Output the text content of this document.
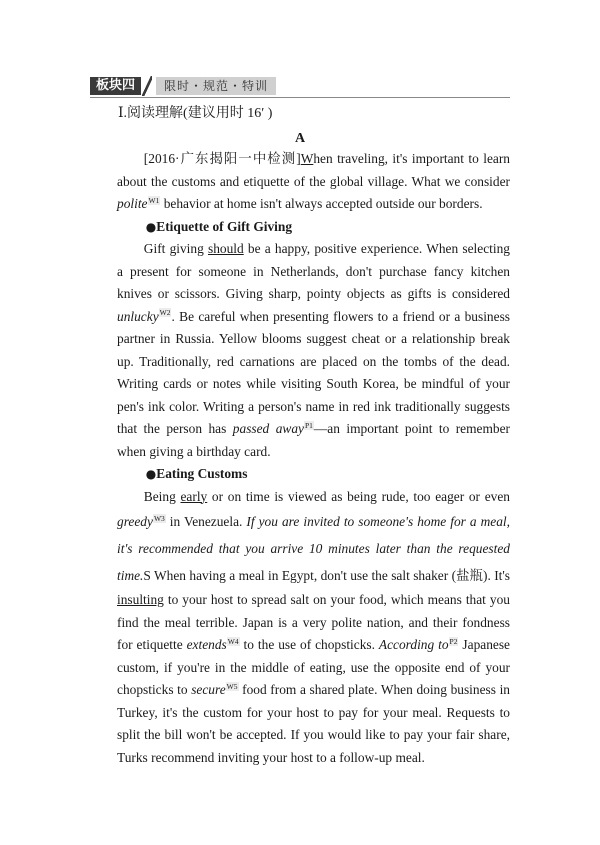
板块四	限时・规范・特训
Ⅰ.阅读理解(建议用时 16′ )
A

[2016·广东揭阳一中检测]When traveling, it's important to learn about the customs and etiquette of the global village. What we consider polite$^{W1}$ behavior at home isn't always accepted outside our borders.

●Etiquette of Gift Giving

Gift giving should be a happy, positive experience. When selecting a present for someone in Netherlands, don't purchase fancy kitchen knives or scissors. Giving sharp, pointy objects as gifts is considered unlucky$^{W2}$. Be careful when presenting flowers to a friend or a business partner in Russia. Yellow blooms suggest cheat or a relationship break up. Traditionally, red carnations are placed on the tombs of the dead. Writing cards or notes while visiting South Korea, be mindful of your pen's ink color. Writing a person's name in red ink traditionally suggests that the person has passed away$^{P1}$—an important point to remember when giving a birthday card.

●Eating Customs

Being early or on time is viewed as being rude, too eager or even greedy$^{W3}$ in Venezuela. If you are invited to someone's home for a meal, it's recommended that you arrive 10 minutes later than the requested time.S When having a meal in Egypt, don't use the salt shaker (盐瓶). It's insulting to your host to spread salt on your food, which means that you find the meal terrible. Japan is a very polite nation, and their fondness for etiquette extends$^{W4}$ to the use of chopsticks. According $to^{P2}$ Japanese custom, if you're in the middle of eating, use the opposite end of your chopsticks to secure$^{W5}$ food from a shared plate. When doing business in Turkey, it's the custom for your host to pay for your meal. Requests to split the bill won't be accepted. If you would like to pay your fair share, Turks recommend inviting your host to a follow-up meal.
